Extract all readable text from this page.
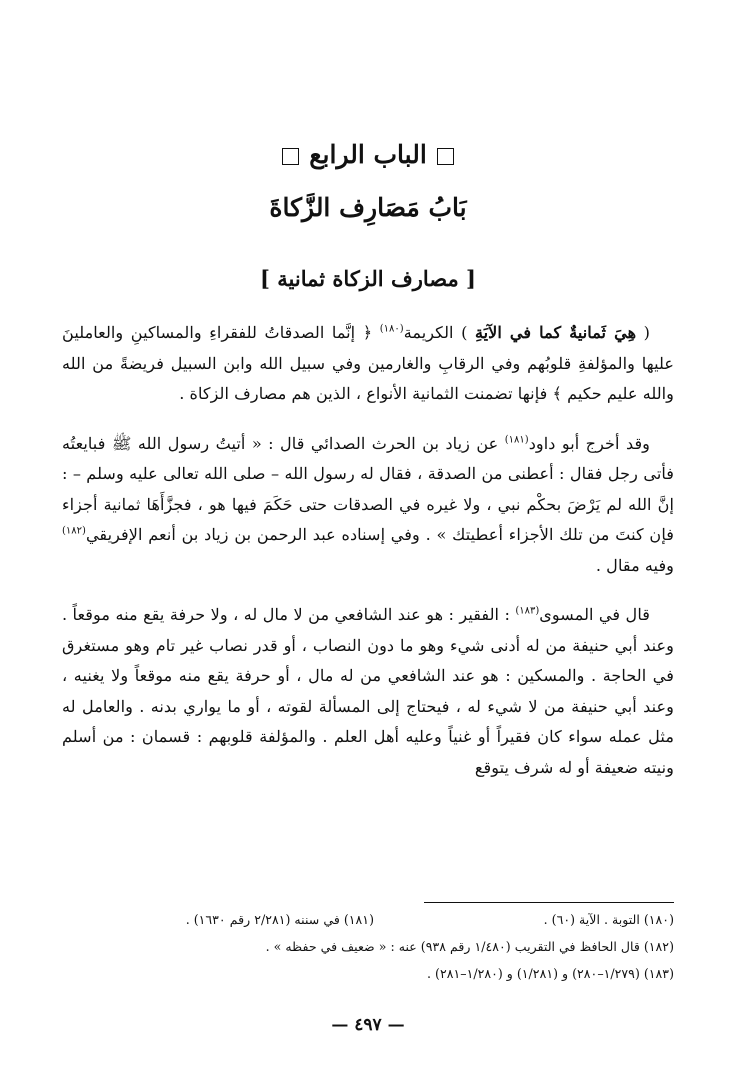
الباب الرابع
بَابُ مَصَارِف الزَّكاةَ
[ مصارف الزكاة ثمانية ]

( هِيَ ثَمانيةٌ كما في الآيَةِ ) الكريمة$^{(١٨٠)}$ ﴿ إنَّما الصدقاتُ للفقراءِ والمساكينِ والعاملينَ عليها والمؤلفةِ قلوبُهم وفي الرقابِ والغارمين وفي سبيل الله وابن السبيل فريضةً من الله والله عليم حكيم ﴾ فإنها تضمنت الثمانية الأنواع ، الذين هم مصارف الزكاة .

وقد أخرج أبو داود$^{(١٨١)}$ عن زياد بن الحرث الصدائي قال : « أتيتُ رسول الله ﷺ فبايعتُه فأتى رجل فقال : أعطنى من الصدقة ، فقال له رسول الله – صلى الله تعالى عليه وسلم – : إنَّ الله لم يَرْضَ بحكْم نبي ، ولا غيره في الصدقات حتى حَكَمَ فيها هو ، فجزَّأَهَا ثمانية أجزاء فإن كنتَ من تلك الأجزاء أعطيتك » . وفي إسناده عبد الرحمن بن زياد بن أنعم الإفريقي$^{(١٨٢)}$ وفيه مقال .

قال في المسوى$^{(١٨٣)}$ : الفقير : هو عند الشافعي من لا مال له ، ولا حرفة يقع منه موقعاً . وعند أبي حنيفة من له أدنى شيء وهو ما دون النصاب ، أو قدر نصاب غير تام وهو مستغرق في الحاجة . والمسكين : هو عند الشافعي من له مال ، أو حرفة يقع منه موقعاً ولا يغنيه ، وعند أبي حنيفة من لا شيء له ، فيحتاج إلى المسألة لقوته ، أو ما يواري بدنه . والعامل له مثل عمله سواء كان فقيراً أو غنياً وعليه أهل العلم . والمؤلفة قلوبهم : قسمان : من أسلم ونيته ضعيفة أو له شرف يتوقع

(١٨٠) التوبة . الآية (٦٠) .(١٨١) في سننه (٢/٢٨١ رقم ١٦٣٠) .
(١٨٢) قال الحافظ في التقريب (١/٤٨٠ رقم ٩٣٨) عنه : « ضعيف في حفظه » .
(١٨٣) (١/٢٧٩–٢٨٠) و (١/٢٨١) و (١/٢٨٠–٢٨١) .
— ٤٩٧ —
